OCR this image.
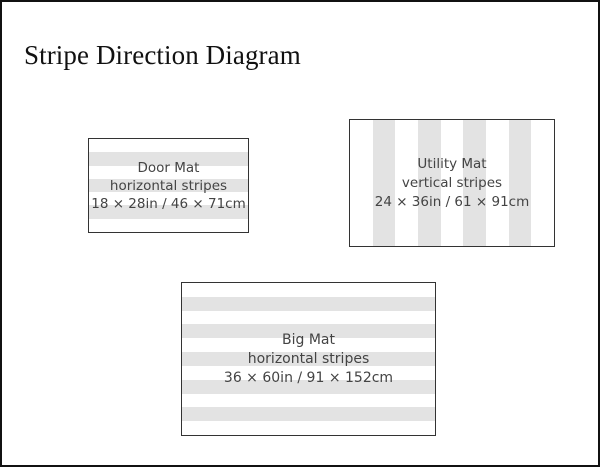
Stripe Direction Diagram
Door Mat
horizontal stripes
18 × 28in / 46 × 71cm
Utility Mat
vertical stripes
24 × 36in / 61 × 91cm
Big Mat
horizontal stripes
36 × 60in / 91 × 152cm
